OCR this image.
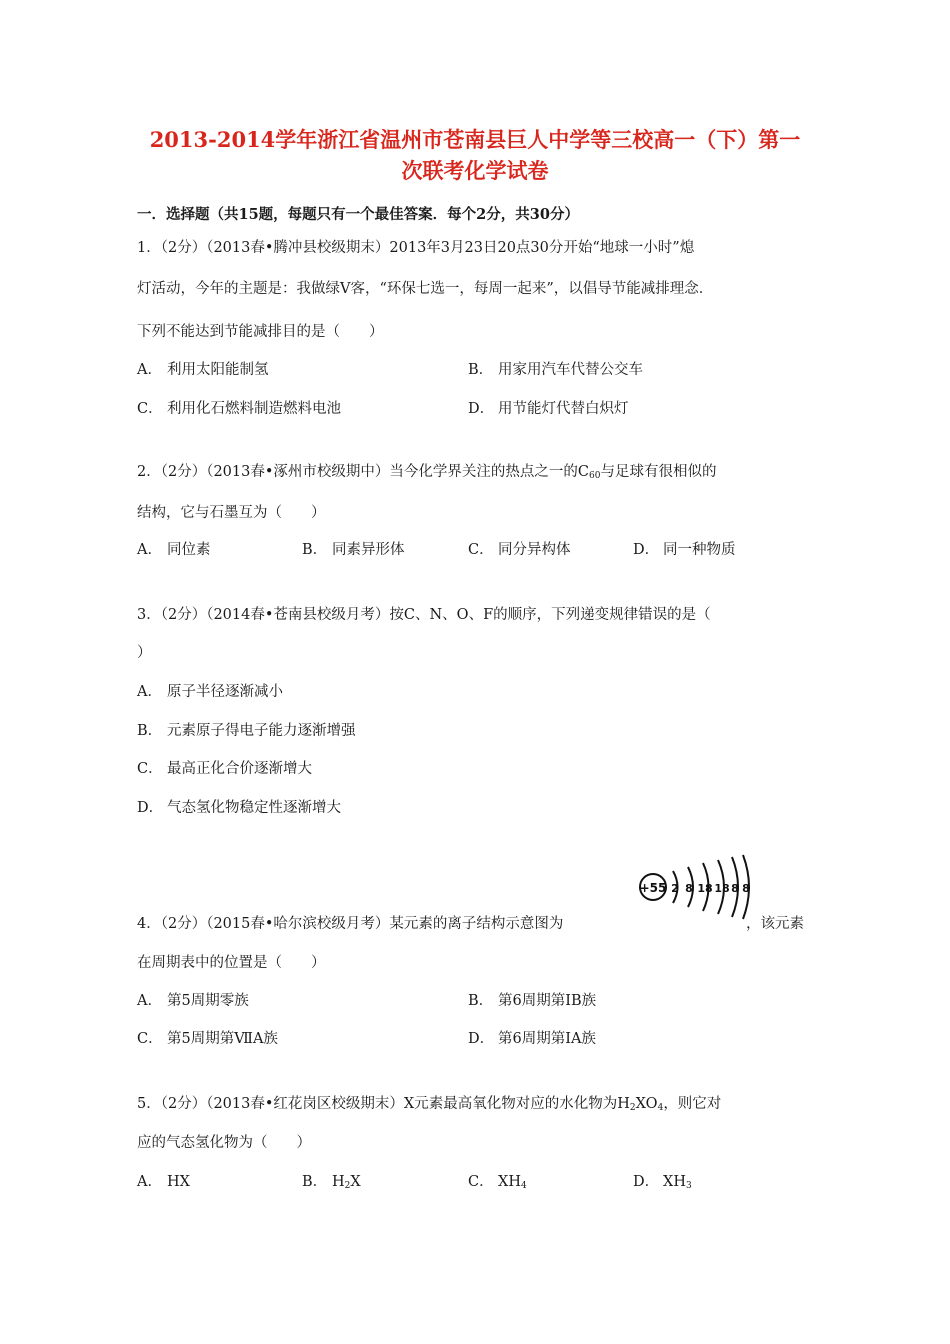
2013-2014学年浙江省温州市苍南县巨人中学等三校高一（下）第一
次联考化学试卷
一．选择题（共15题，每题只有一个最佳答案．每个2分，共30分）
1．（2分）（2013春•腾冲县校级期末）2013年3月23日20点30分开始“地球一小时”熄
灯活动，今年的主题是：我做绿V客，“环保七选一，每周一起来”，以倡导节能减排理念．
下列不能达到节能减排目的是（　　）
A． 利用太阳能制氢	B． 用家用汽车代替公交车
C． 利用化石燃料制造燃料电池	D． 用节能灯代替白炽灯
2．（2分）（2013春•涿州市校级期中）当今化学界关注的热点之一的$C_{60}$与足球有很相似的
结构，它与石墨互为（　　）
A． 同位素	B． 同素异形体	C． 同分异构体	D． 同一种物质
3．（2分）（2014春•苍南县校级月考）按C、N、O、F的顺序，下列递变规律错误的是（
）
A． 原子半径逐渐减小
B． 元素原子得电子能力逐渐增强
C． 最高正化合价逐渐增大
D． 气态氢化物稳定性逐渐增大
+55 2 8 18 18 8 8
4．（2分）（2015春•哈尔滨校级月考）某元素的离子结构示意图为	，该元素
在周期表中的位置是（　　）
A． 第5周期零族	B． 第6周期第IB族
C． 第5周期第ⅦA族	D． 第6周期第IA族
5．（2分）（2013春•红花岗区校级期末）X元素最高氧化物对应的水化物为$H_2XO_4$，则它对
应的气态氢化物为（　　）
A． HX	B． $H_2X$	C． $XH_4$	D． $XH_3$
